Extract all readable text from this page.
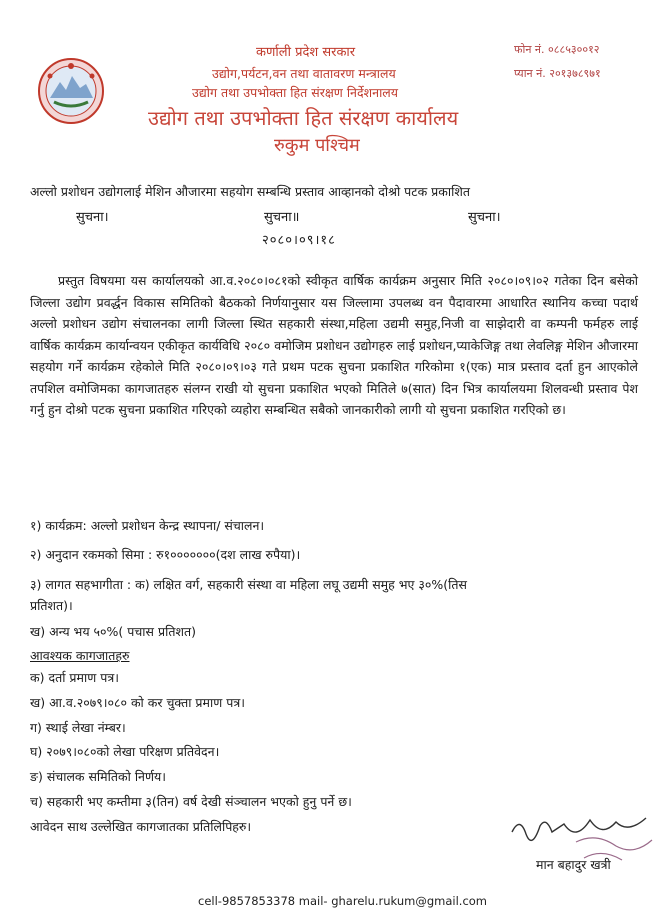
कर्णाली प्रदेश सरकार
उद्योग,पर्यटन,वन तथा वातावरण मन्त्रालय
उद्योग तथा उपभोक्ता हित संरक्षण निर्देशनालय
उद्योग तथा उपभोक्ता हित संरक्षण कार्यालय
रुकुम पश्चिम
फोन नं. ०८८५३००१२
प्यान नं. २०१३७८९७१
अल्लो प्रशोधन उद्योगलाई मेशिन औजारमा सहयोग सम्बन्धि प्रस्ताव आव्हानको दोश्रो पटक प्रकाशित
सुचना।	सुचना॥	सुचना।
२०८०।०९।१८
प्रस्तुत विषयमा यस कार्यालयको आ.व.२०८०।०८१को स्वीकृत वार्षिक कार्यक्रम अनुसार मिति २०८०।०९।०२ गतेका दिन बसेको जिल्ला उद्योग प्रवर्द्धन विकास समितिको बैठकको निर्णयानुसार यस जिल्लामा उपलब्ध वन पैदावारमा आधारित स्थानिय कच्चा पदार्थ अल्लो प्रशोधन उद्योग संचालनका लागी जिल्ला स्थित सहकारी संस्था,महिला उद्यमी समुह,निजी वा साझेदारी वा कम्पनी फर्महरु लाई वार्षिक कार्यक्रम कार्यान्वयन एकीकृत कार्यविधि २०८० वमोजिम प्रशोधन उद्योगहरु लाई प्रशोधन,प्याकेजिङ्ग तथा लेवलिङ्ग मेशिन औजारमा सहयोग गर्ने कार्यक्रम रहेकोले मिति २०८०।०९।०३ गते प्रथम पटक सुचना प्रकाशित गरिकोमा १(एक) मात्र प्रस्ताव दर्ता हुन आएकोले तपशिल वमोजिमका कागजातहरु संलग्न राखी यो सुचना प्रकाशित भएको मितिले ७(सात) दिन भित्र कार्यालयमा शिलवन्धी प्रस्ताव पेश गर्नु हुन दोश्रो पटक सुचना प्रकाशित गरिएको व्यहोरा सम्बन्धित सबैको जानकारीको लागी यो सुचना प्रकाशित गरएिको छ।
१) कार्यक्रम: अल्लो प्रशोधन केन्द्र स्थापना/ संचालन।
२) अनुदान रकमको सिमा : रु१०००००००(दश लाख रुपैया)।
३) लागत सहभागीता : क) लक्षित वर्ग, सहकारी संस्था वा महिला लघू उद्यमी समुह भए ३०%(तिस
प्रतिशत)।
ख) अन्य भय ५०%( पचास प्रतिशत)
आवश्यक कागजातहरु
क) दर्ता प्रमाण पत्र।
ख) आ.व.२०७९।०८० को कर चुक्ता प्रमाण पत्र।
ग) स्थाई लेखा नंम्बर।
घ) २०७९।०८०को लेखा परिक्षण प्रतिवेदन।
ङ) संचालक समितिको निर्णय।
च) सहकारी भए कम्तीमा ३(तिन) वर्ष देखी संञ्चालन भएको हुनु पर्ने छ।
आवेदन साथ उल्लेखित कागजातका प्रतिलिपिहरु।
मान बहादुर खत्री
cell-9857853378 mail- gharelu.rukum@gmail.com
